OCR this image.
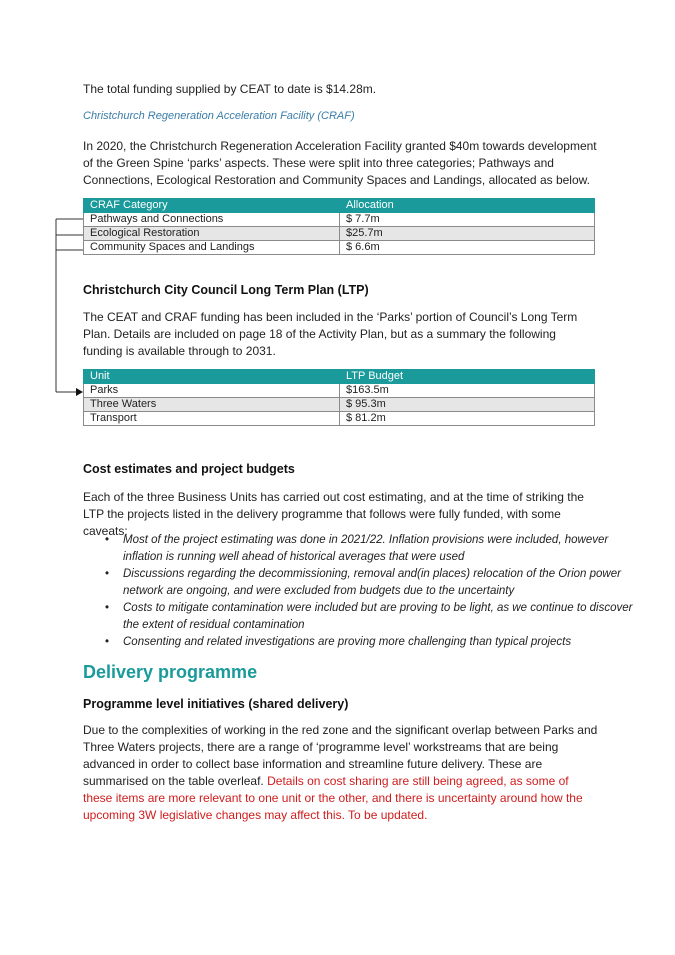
The total funding supplied by CEAT to date is $14.28m.

Christchurch Regeneration Acceleration Facility (CRAF)

In 2020, the Christchurch Regeneration Acceleration Facility granted $40m towards development of the Green Spine ‘parks’ aspects. These were split into three categories; Pathways and Connections, Ecological Restoration and Community Spaces and Landings, allocated as below.

CRAF Category	Allocation
Pathways and Connections	$ 7.7m
Ecological Restoration	$25.7m
Community Spaces and Landings	$ 6.6m
Christchurch City Council Long Term Plan (LTP)

The CEAT and CRAF funding has been included in the ‘Parks’ portion of Council’s Long Term Plan. Details are included on page 18 of the Activity Plan, but as a summary the following funding is available through to 2031.

Unit	LTP Budget
Parks	$163.5m
Three Waters	$ 95.3m
Transport	$ 81.2m
Cost estimates and project budgets

Each of the three Business Units has carried out cost estimating, and at the time of striking the LTP the projects listed in the delivery programme that follows were fully funded, with some caveats:

• Most of the project estimating was done in 2021/22. Inflation provisions were included, however inflation is running well ahead of historical averages that were used
• Discussions regarding the decommissioning, removal and(in places) relocation of the Orion power network are ongoing, and were excluded from budgets due to the uncertainty
• Costs to mitigate contamination were included but are proving to be light, as we continue to discover the extent of residual contamination
• Consenting and related investigations are proving more challenging than typical projects
Delivery programme
Programme level initiatives (shared delivery)

Due to the complexities of working in the red zone and the significant overlap between Parks and Three Waters projects, there are a range of ‘programme level’ workstreams that are being advanced in order to collect base information and streamline future delivery. These are summarised on the table overleaf. Details on cost sharing are still being agreed, as some of these items are more relevant to one unit or the other, and there is uncertainty around how the upcoming 3W legislative changes may affect this. To be updated.
